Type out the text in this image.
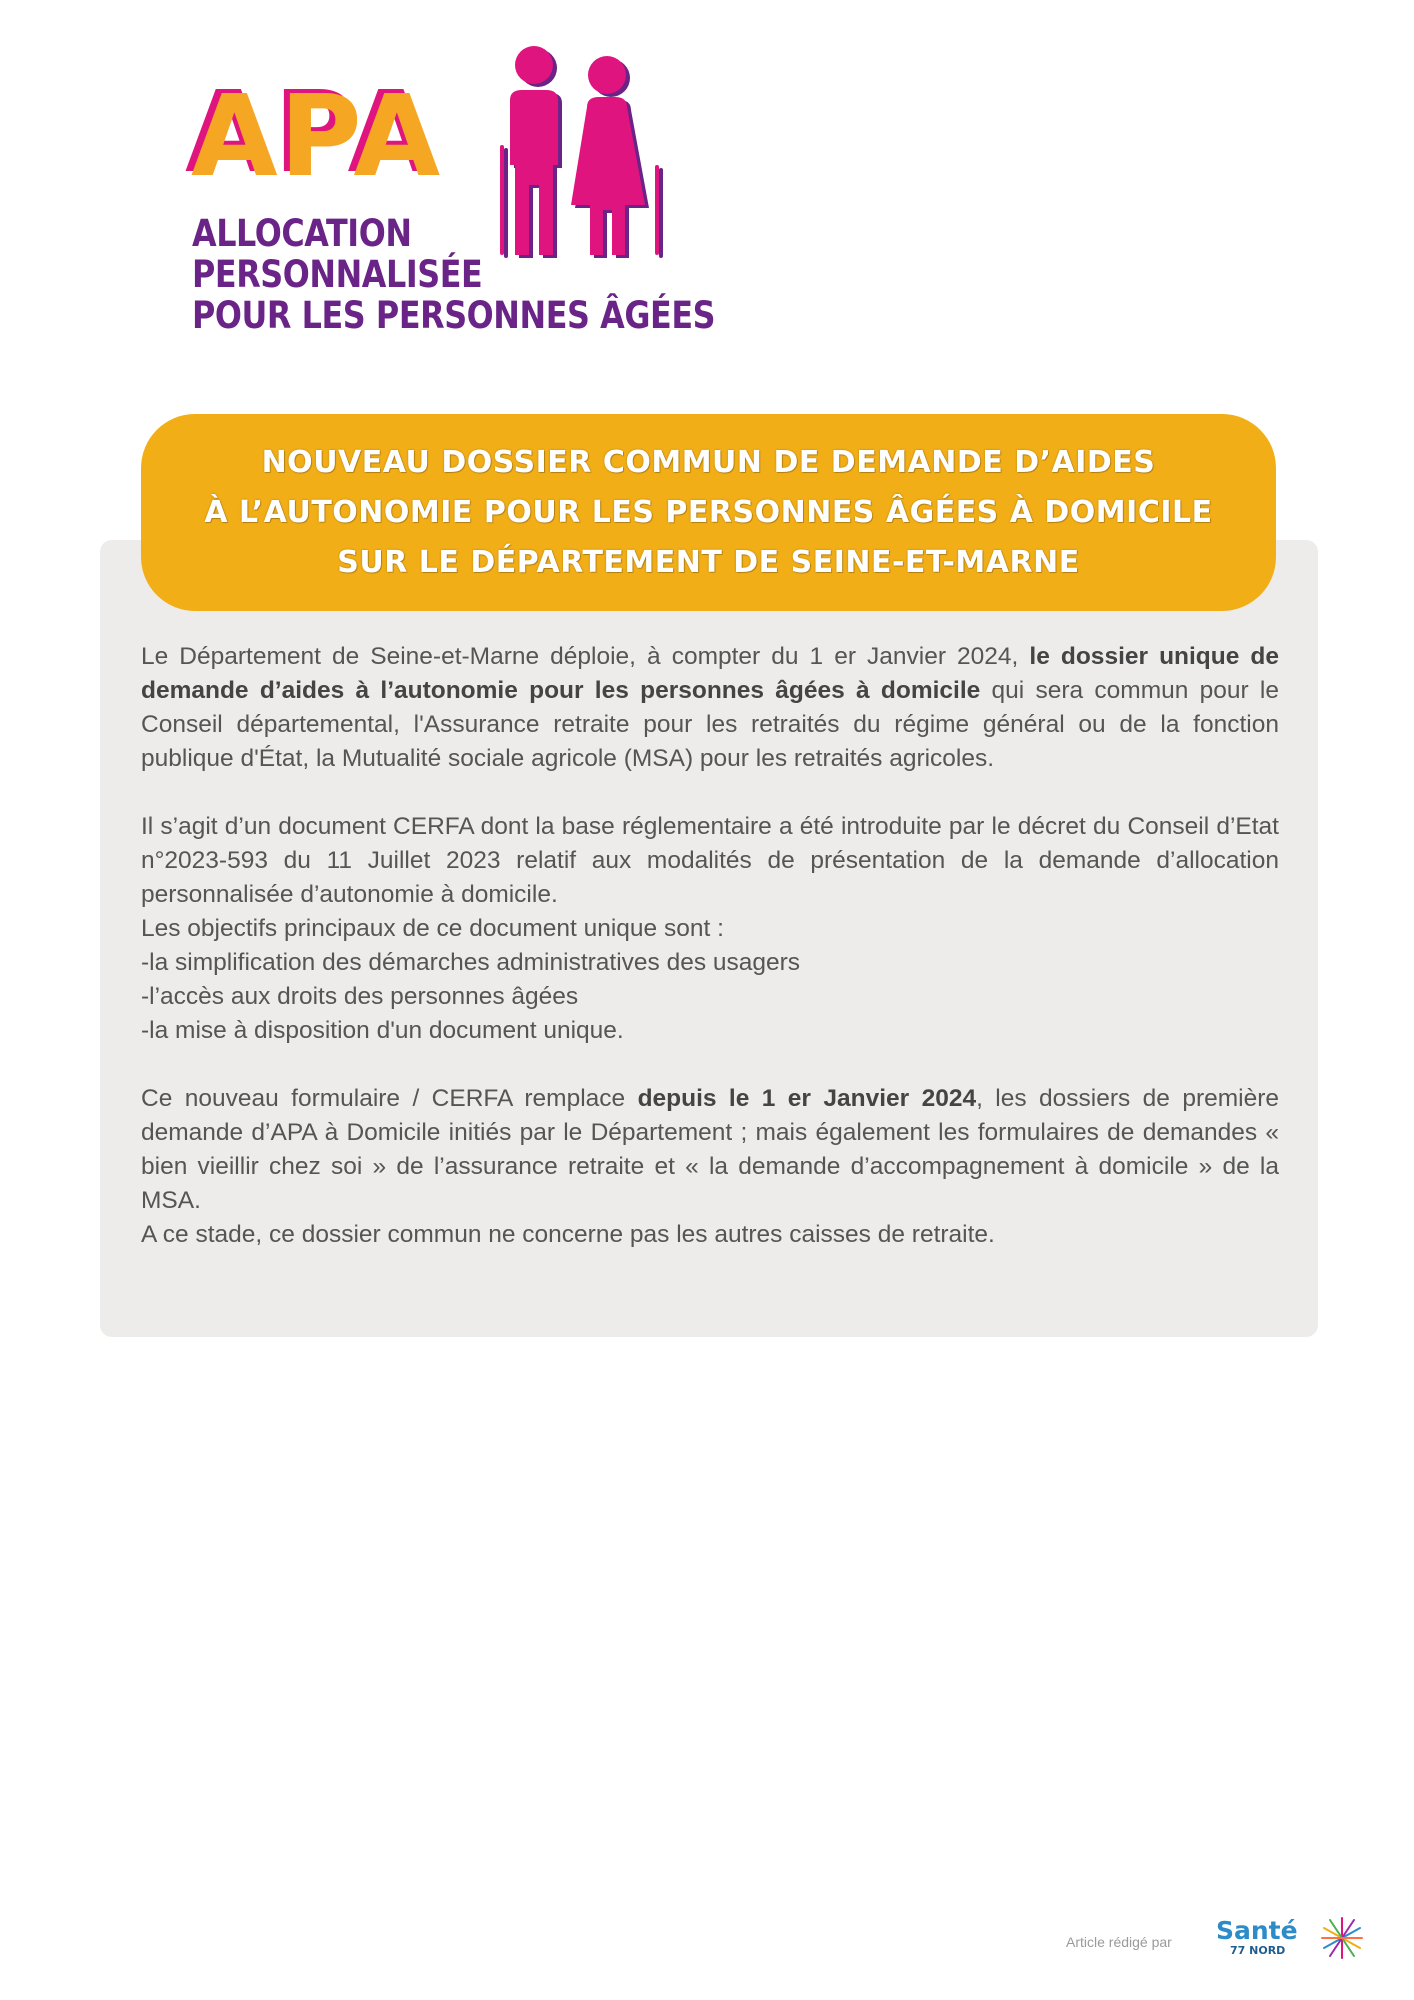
APA
ALLOCATION
PERSONNALISÉE
POUR LES PERSONNES ÂGÉES
NOUVEAU DOSSIER COMMUN DE DEMANDE D’AIDES
À L’AUTONOMIE POUR LES PERSONNES ÂGÉES À DOMICILE
SUR LE DÉPARTEMENT DE SEINE-ET-MARNE

Le Département de Seine-et-Marne déploie, à compter du 1 er Janvier 2024, le dossier unique de demande d’aides à l’autonomie pour les personnes âgées à domicile qui sera commun pour le Conseil départemental, l'Assurance retraite pour les retraités du régime général ou de la fonction publique d'État, la Mutualité sociale agricole (MSA) pour les retraités agricoles.

Il s’agit d’un document CERFA dont la base réglementaire a été introduite par le décret du Conseil d’Etat n°2023-593 du 11 Juillet 2023 relatif aux modalités de présentation de la demande d’allocation personnalisée d’autonomie à domicile.

Les objectifs principaux de ce document unique sont :

-la simplification des démarches administratives des usagers

-l’accès aux droits des personnes âgées

-la mise à disposition d'un document unique.

Ce nouveau formulaire / CERFA remplace depuis le 1 er Janvier 2024, les dossiers de première demande d’APA à Domicile initiés par le Département ; mais également les formulaires de demandes « bien vieillir chez soi » de l’assurance retraite et « la demande d’accompagnement à domicile » de la MSA.

A ce stade, ce dossier commun ne concerne pas les autres caisses de retraite.

Article rédigé par Santé
77 NORD
